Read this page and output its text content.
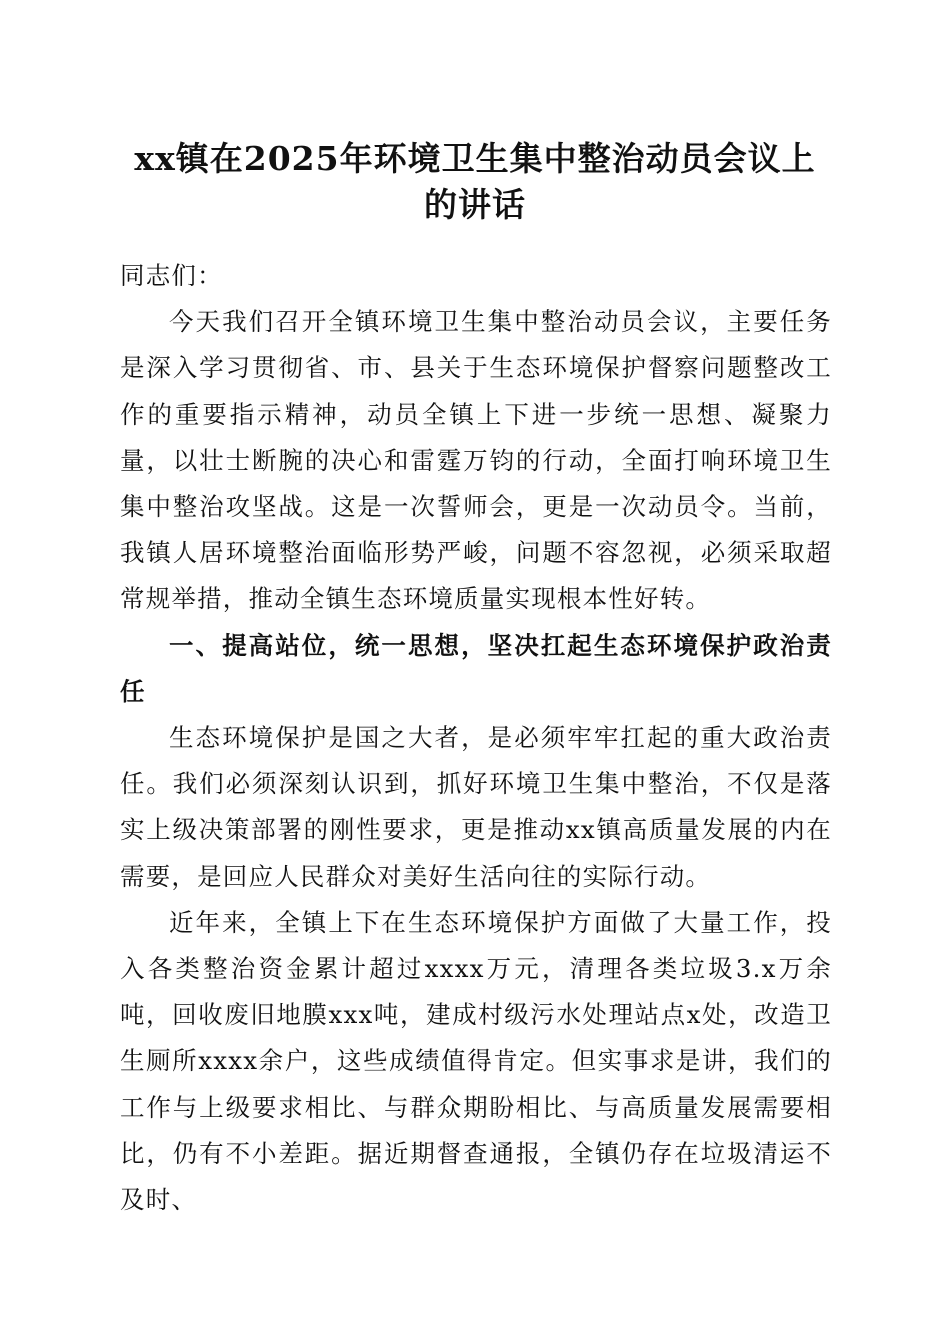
xx镇在2025年环境卫生集中整治动员会议上
的讲话

同志们：

今天我们召开全镇环境卫生集中整治动员会议，主要任务是深入学习贯彻省、市、县关于生态环境保护督察问题整改工作的重要指示精神，动员全镇上下进一步统一思想、凝聚力量，以壮士断腕的决心和雷霆万钧的行动，全面打响环境卫生集中整治攻坚战。这是一次誓师会，更是一次动员令。当前，我镇人居环境整治面临形势严峻，问题不容忽视，必须采取超常规举措，推动全镇生态环境质量实现根本性好转。

一、提高站位，统一思想，坚决扛起生态环境保护政治责任

生态环境保护是国之大者，是必须牢牢扛起的重大政治责任。我们必须深刻认识到，抓好环境卫生集中整治，不仅是落实上级决策部署的刚性要求，更是推动xx镇高质量发展的内在需要，是回应人民群众对美好生活向往的实际行动。

近年来，全镇上下在生态环境保护方面做了大量工作，投入各类整治资金累计超过xxxx万元，清理各类垃圾3.x万余吨，回收废旧地膜xxx吨，建成村级污水处理站点x处，改造卫生厕所xxxx余户，这些成绩值得肯定。但实事求是讲，我们的工作与上级要求相比、与群众期盼相比、与高质量发展需要相比，仍有不小差距。据近期督查通报，全镇仍存在垃圾清运不及时、
